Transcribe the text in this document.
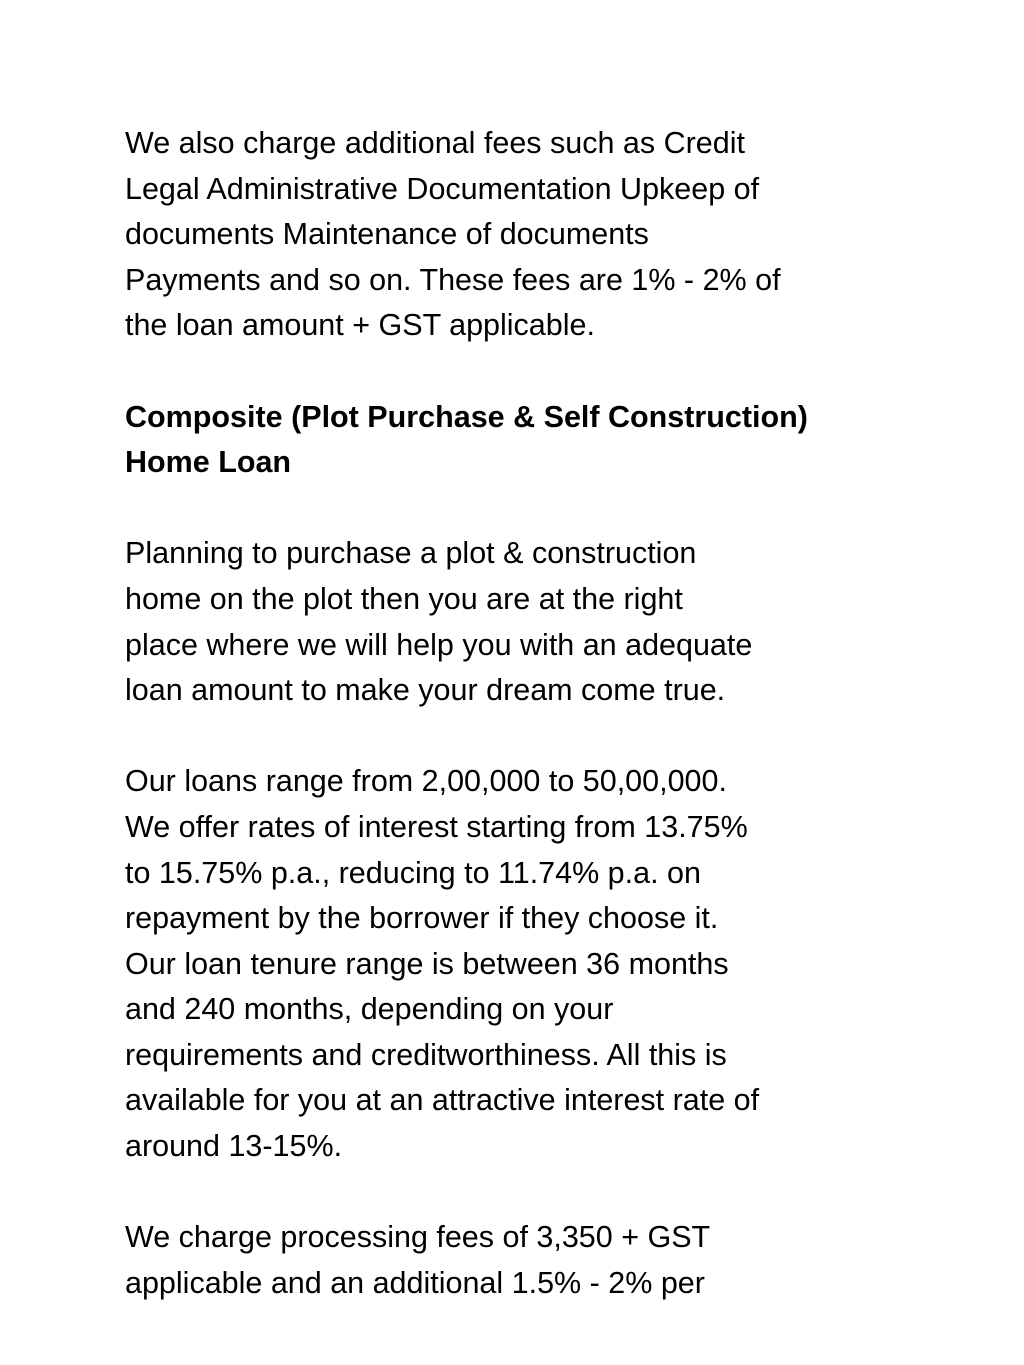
We also charge additional fees such as Credit
Legal Administrative Documentation Upkeep of
documents Maintenance of documents
Payments and so on. These fees are 1% - 2% of
the loan amount + GST applicable.
Composite (Plot Purchase & Self Construction)
Home Loan
Planning to purchase a plot & construction
home on the plot then you are at the right
place where we will help you with an adequate
loan amount to make your dream come true.
Our loans range from 2,00,000 to 50,00,000.
We offer rates of interest starting from 13.75%
to 15.75% p.a., reducing to 11.74% p.a. on
repayment by the borrower if they choose it.
Our loan tenure range is between 36 months
and 240 months, depending on your
requirements and creditworthiness. All this is
available for you at an attractive interest rate of
around 13-15%.
We charge processing fees of 3,350 + GST
applicable and an additional 1.5% - 2% per
